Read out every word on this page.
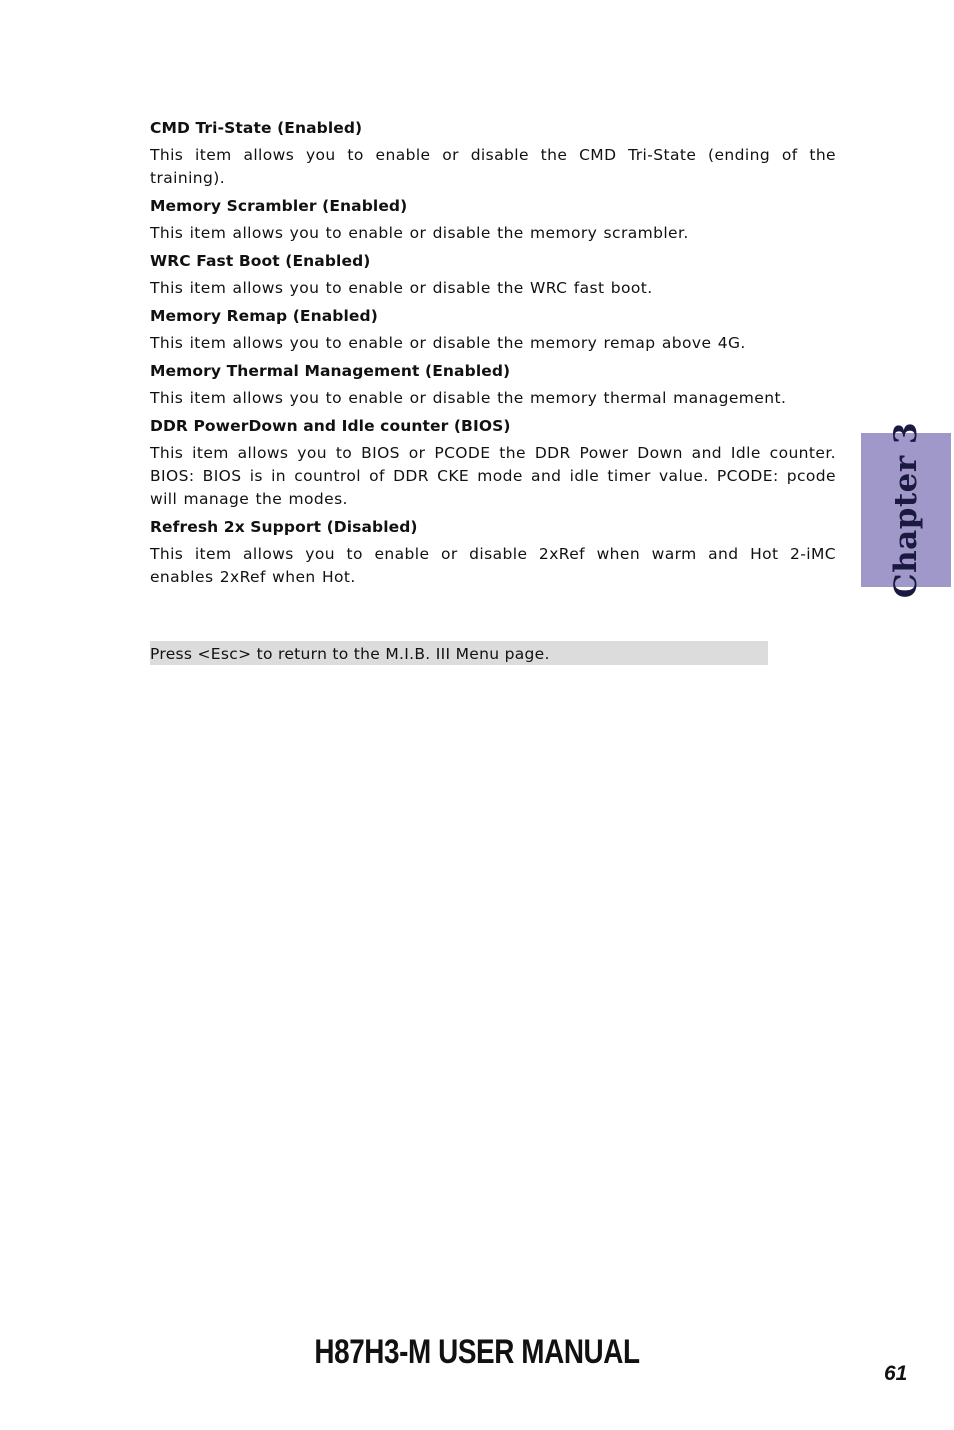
CMD Tri-State (Enabled)
This item allows you to enable or disable the CMD Tri-State (ending of the training).
Memory Scrambler (Enabled)
This item allows you to enable or disable the memory scrambler.
WRC Fast Boot (Enabled)
This item allows you to enable or disable the WRC fast boot.
Memory Remap (Enabled)
This item allows you to enable or disable the memory remap above 4G.
Memory Thermal Management (Enabled)
This item allows you to enable or disable the memory thermal management.
DDR PowerDown and Idle counter (BIOS)
This item allows you to BIOS or PCODE the DDR Power Down and Idle counter. BIOS: BIOS is in countrol of DDR CKE mode and idle timer value. PCODE: pcode will manage the modes.
Refresh 2x Support (Disabled)
This item allows you to enable or disable 2xRef when warm and Hot 2-iMC enables 2xRef when Hot.
Press <Esc> to return to the M.I.B. III Menu page.
Chapter 3
H87H3-M USER MANUAL
61
